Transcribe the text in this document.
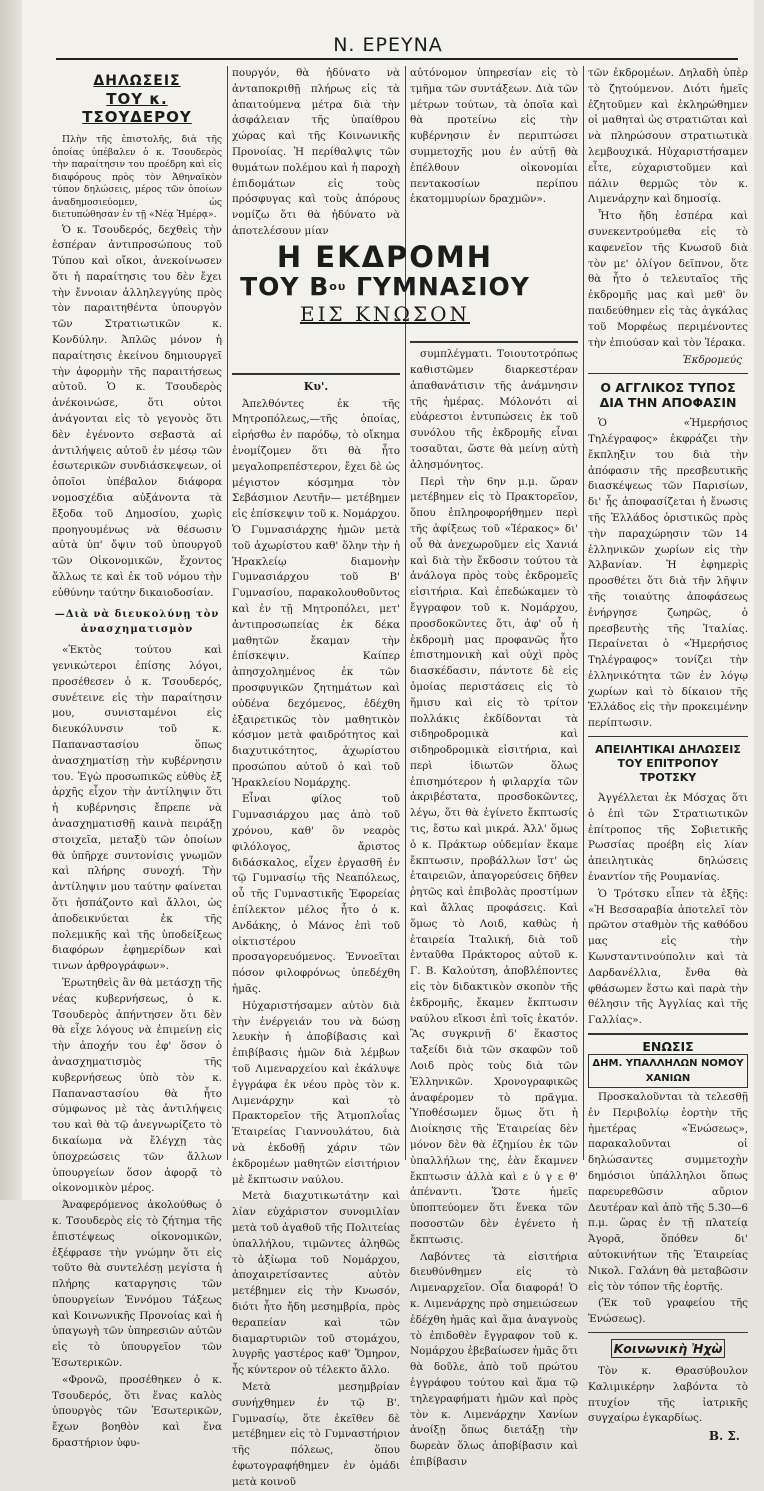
Ν. ΕΡΕΥΝΑ
ΔΗΛΩΣΕΙΣ
ΤΟΥ κ. ΤΣΟΥΔΕΡΟΥ

Πλὴν τῆς ἐπιστολῆς, διὰ τῆς ὁποίας ὑπέβαλεν ὁ κ. Τσουδερὸς τὴν παραίτησιν του προέδρη καὶ εἰς διαφόρους πρὸς τὸν Ἀθηναϊκὸν τύπον δηλώσεις, μέρος τῶν ὁποίων ἀναδημοσιεύομεν, ὡς διετυπώθησαν ἐν τῇ «Νέᾳ Ἡμέρᾳ».

Ὁ κ. Τσουδερός, δεχθεὶς τὴν ἑσπέραν ἀντιπροσώπους τοῦ Τύπου καὶ οἴκοι, ἀνεκοίνωσεν ὅτι ἡ παραίτησις του δὲν ἔχει τὴν ἔννοιαν ἀλληλεγγύης πρὸς τὸν παραιτηθέντα ὑπουργὸν τῶν Στρατιωτικῶν κ. Κονδύλην. Ἀπλῶς μόνον ἡ παραίτησις ἐκείνου δημιουργεῖ τὴν ἀφορμὴν τῆς παραιτήσεως αὐτοῦ. Ὁ κ. Τσουδερὸς ἀνέκοινώσε, ὅτι οὐτοι ἀνάγονται εἰς τὸ γεγονὸς ὅτι δὲν ἐγένοντο σεβαστὰ αἱ ἀντιλήψεις αὐτοῦ ἐν μέσῳ τῶν ἐσωτερικῶν συνδιάσκεψεων, οἱ ὁποῖοι ὑπέβαλον διάφορα νομοσχέδια αὐξάνοντα τὰ ἔξοδα τοῦ Δημοσίου, χωρὶς προηγουμένως νὰ θέσωσιν αὐτὰ ὑπ' ὄψιν τοῦ ὑπουργοῦ τῶν Οἰκονομικῶν, ἔχοντος ἅλλως τε καὶ ἐκ τοῦ νόμου τὴν εὐθύνην ταύτην δικαιοδοσίαν.

—Διὰ νὰ διευκολύνῃ τὸν ἀνασχηματισμὸν

«Ἐκτὸς τούτου καὶ γενικώτεροι ἐπίσης λόγοι, προσέθεσεν ὁ κ. Τσουδερός, συνέτεινε εἰς τὴν παραίτησιν μου, συνισταμένοι εἰς διευκόλυνσιν τοῦ κ. Παπαναστασίου ὅπως ἀνασχηματίσῃ τὴν κυβέρνησιν του. Ἐγὼ προσωπικῶς εὐθὺς ἐξ ἀρχῆς εἶχον τὴν ἀντίληψιν ὅτι ἡ κυβέρνησις ἔπρεπε νὰ ἀνασχηματισθῇ καινὰ πειράξῃ στοιχεῖα, μεταξὺ τῶν ὁποίων θὰ ὑπῆρχε συντονίσις γνωμῶν καὶ πλήρης συνοχή. Τὴν ἀντίληψιν μου ταύτην φαίνεται ὅτι ἠσπάζοντο καὶ ἄλλοι, ὡς ἀποδεικνύεται ἐκ τῆς πολεμικῆς καὶ τῆς ὑποδείξεως διαφόρων ἐφημερίδων καὶ τινων ἀρθρογράφων».

Ἐρωτηθεὶς ἂν θὰ μετάσχῃ τῆς νέας κυβερνήσεως, ὁ κ. Τσουδερὸς ἀπήντησεν ὅτι δὲν θὰ εἶχε λόγους νὰ ἐπιμείνῃ εἰς τὴν ἀποχήν του ἐφ' ὅσον ὁ ἀνασχηματισμὸς τῆς κυβερνήσεως ὑπὸ τὸν κ. Παπαναστασίου θὰ ἦτο σύμφωνος μὲ τὰς ἀντιλήψεις του καὶ θὰ τῷ ἀνεγνωρίζετο τὸ δικαίωμα νὰ ἔλέγχῃ τὰς ὑποχρεώσεις τῶν ἄλλων ὑπουργείων ὅσον ἀφορᾷ τὸ οἰκονομικὸν μέρος.

Ἀναφερόμενος ἀκολούθως ὁ κ. Τσουδερὸς εἰς τὸ ζήτημα τῆς ἐπιστέψεως οἰκονομικῶν, ἐξέφρασε τὴν γνώμην ὅτι εἰς τοῦτο θὰ συντελέσῃ μεγίστα ἡ πλήρης καταργησις τῶν ὑπουργείων Ἐννόμου Τάξεως καὶ Κοινωνικῆς Προνοίας καὶ ἡ ὑπαγωγὴ τῶν ὑπηρεσιῶν αὐτῶν εἰς τὸ ὑπουργεῖον τῶν Ἐσωτερικῶν.

«Φρονῶ, προσέθηκεν ὁ κ. Τσουδερός, ὅτι ἕνας καλὸς ὑπουργὸς τῶν Ἐσωτερικῶν, ἔχων βοηθὸν καὶ ἕνα δραστήριον ὑφυ-

πουργόν, θὰ ἠδύνατο νὰ ἀνταποκριθῇ πλήρως εἰς τὰ ἀπαιτούμενα μέτρα διὰ τὴν ἀσφάλειαν τῆς ὑπαίθρου χώρας καὶ τῆς Κοινωνικῆς Προνοίας. Ἡ περίθαλψις τῶν θυμάτων πολέμου καὶ ἡ παροχὴ ἐπιδομάτων εἰς τοὺς πρόσφυγας καὶ τοὺς ἀπόρους νομίζω ὅτι θὰ ἠδύνατο νὰ ἀποτελέσουν μίαν

Κυ'.

Ἀπελθόντες ἐκ τῆς Μητροπόλεως,—τῆς ὁποίας, εἰρήσθω ἐν παρόδῳ, τὸ οἴκημα ἐνομίζομεν ὅτι θὰ ἦτο μεγαλοπρεπέστερον, ἔχει δὲ ὡς μέγιστον κόσμημα τὸν Σεβάσμιον Λευτῆν— μετέβημεν εἰς ἐπίσκεψιν τοῦ κ. Νομάρχου. Ὁ Γυμνασιάρχης ἡμῶν μετὰ τοῦ ἀχωρίστου καθ' ὅλην τὴν ἡ Ἡρακλείῳ διαμονὴν Γυμνασιάρχου τοῦ Β' Γυμνασίου, παρακολουθοῦντος καὶ ἐν τῇ Μητροπόλει, μετ' ἀντιπροσωπείας ἐκ δέκα μαθητῶν ἔκαμαν τὴν ἐπίσκεψιν. Καίπερ ἀπησχολημένος ἐκ τῶν προσφυγικῶν ζητημάτων καὶ οὐδένα δεχόμενος, ἐδέχθη ἐξαιρετικῶς τὸν μαθητικὸν κόσμον μετὰ φαιδρότητος καὶ διαχυτικότητος, ἀχωρίστου προσώπου αὐτοῦ ὁ καὶ τοῦ Ἡρακλείου Νομάρχης.

Εἶναι φίλος τοῦ Γυμνασιάρχου μας ἀπὸ τοῦ χρόνου, καθ' ὃν νεαρὸς φιλόλογος, ἄριστος διδάσκαλος, εἶχεν ἐργασθῆ ἐν τῷ Γυμνασίῳ τῆς Νεαπόλεως, οὗ τῆς Γυμναστικῆς Ἐφορείας ἐπίλεκτον μέλος ἦτο ὁ κ. Ανδάκης, ὁ Μάνος ἐπὶ τοῦ οἰκτιστέρου προσαγορευόμενος. Ἐννοεῖται πόσον φιλοφρόνως ὑπεδέχθη ἡμᾶς.

Ηὐχαριστήσαμεν αὐτὸν διὰ τὴν ἐνέργειάν του νὰ δώσῃ λευκὴν ἡ ἀποβίβασις καὶ ἐπιβίβασις ἡμῶν διὰ λέμβων τοῦ Λιμεναρχείου καὶ ἐκάλυψε ἐγγράφα ἐκ νέου πρὸς τὸν κ. Λιμενάρχην καὶ τὸ Πρακτορεῖον τῆς Ἀτμοπλοΐας Ἑταιρείας Γιαννουλάτου, διὰ νὰ ἐκδοθῇ χάριν τῶν ἐκδρομέων μαθητῶν εἰσιτήριον μὲ ἔκπτωσιν ναύλου.

Μετὰ διαχυτικωτάτην καὶ λίαν εὐχάριστον συνομιλίαν μετὰ τοῦ ἀγαθοῦ τῆς Πολιτείας ὑπαλλήλου, τιμῶντες ἀληθῶς τὸ ἀξίωμα τοῦ Νομάρχου, ἀποχαιρετίσαντες αὐτὸν μετέβημεν εἰς τὴν Κνωσόν, διότι ἦτο ἤδη μεσημβρία, πρὸς θεραπείαν καὶ τῶν διαμαρτυριῶν τοῦ στομάχου, λυγρῆς γαστέρος καθ' Ὅμηρον, ἧς κύντερον οὐ τέλεκτο ἄλλο.

Μετὰ μεσημβρίαν συνήχθημεν ἐν τῷ Β'. Γυμνασίῳ, ὅτε ἐκεῖθεν δὲ μετέβημεν εἰς τὸ Γυμναστήριον τῆς πόλεως, ὅπου ἐφωτογραφήθημεν ἐν ὁμάδι μετὰ κοινοῦ

αὐτόνομον ὑπηρεσίαν εἰς τὸ τμῆμα τῶν συντάξεων. Διὰ τῶν μέτρων τούτων, τὰ ὁποῖα καὶ θὰ προτείνω εἰς τὴν κυβέρνησιν ἐν περιπτώσει συμμετοχῆς μου ἐν αὐτῇ θὰ ἐπέλθουν οἰκονομίαι πεντακοσίων περίπου ἑκατομμυρίων δραχμῶν».

συμπλέγματι. Τοιουτοτρόπως καθιστῶμεν διαρκεστέραν ἀπαθανάτισιν τῆς ἀνάμνησιν τῆς ἡμέρας. Μόλονότι αἱ εὐάρεστοι ἐντυπώσεις ἐκ τοῦ συνόλου τῆς ἐκδρομῆς εἶναι τοσαῦται, ὥστε θὰ μείνῃ αὐτὴ ἀλησμόνητος.

Περὶ τὴν 6ην μ.μ. ὥραν μετέβημεν εἰς τὸ Πρακτορεῖον, ὅπου ἐπληροφορήθημεν περὶ τῆς ἀφίξεως τοῦ «Ἱέρακος» δι' οὗ θὰ ἀνεχωροῦμεν εἰς Χανιά καὶ διὰ τὴν ἔκδοσιν τούτου τὰ ἀνάλογα πρὸς τοὺς ἐκδρομεῖς εἰσιτήρια. Καὶ ἐπεδώκαμεν τὸ ἔγγραφον τοῦ κ. Νομάρχου, προσδοκῶντες ὅτι, ἀφ' οὗ ἡ ἐκδρομὴ μας προφανῶς ἦτο ἐπιστημονικὴ καὶ οὐχὶ πρὸς διασκέδασιν, πάντοτε δὲ εἰς ὁμοίας περιστάσεις εἰς τὸ ἥμισυ καὶ εἰς τὸ τρίτον πολλάκις ἐκδίδονται τὰ σιδηροδρομικὰ καὶ σιδηροδρομικὰ εἰσιτήρια, καὶ περὶ ἰδιωτῶν ὅλως ἐπισημότερον ἡ φιλαρχία τῶν ἀκριβέστατα, προσδοκῶντες, λέγω, ὅτι θὰ ἐγίνετο ἔκπτωσίς τις, ἔστω καὶ μικρά. Ἀλλ' ὅμως ὁ κ. Πράκτωρ οὐδεμίαν ἔκαμε ἔκπτωσιν, προβάλλων ἴστ' ὡς ἐταιρειῶν, ἀπαγορεύσεις δῆθεν ῥητῶς καὶ ἐπιβολὰς προστίμων καὶ ἄλλας προφάσεις. Καὶ ὅμως τὸ Λοιδ, καθὼς ἡ ἐταιρεία Ἰταλική, διὰ τοῦ ἐνταῦθα Πράκτορος αὐτοῦ κ. Γ. Β. Καλούτση, ἀποβλέποντες εἰς τὸν διδακτικὸν σκοπὸν τῆς ἐκδρομῆς, ἔκαμεν ἔκπτωσιν ναύλου εἴκοσι ἐπὶ τοῖς ἑκατόν. Ἂς συγκρινῇ δ' ἕκαστος ταξείδι διὰ τῶν σκαφῶν τοῦ Λοιδ πρὸς τοὺς διὰ τῶν Ἑλληνικῶν. Χρονογραφικῶς ἀναφέρομεν τὸ πρᾶγμα. Ὑποθέσωμεν ὅμως ὅτι ἡ Διοίκησις τῆς Ἑταιρείας δὲν μόνον δὲν θὰ ἐζημίου ἐκ τῶν ὑπαλλήλων της, ἐὰν ἔκαμνεν ἔκπτωσιν ἀλλὰ καὶ ε ὐ γ ε θ' ἀπέναντι. Ὥστε ἡμεῖς ὑποπτεύομεν ὅτι ἕνεκα τῶν ποσοστῶν δὲν ἐγένετο ἡ ἔκπτωσις.

Λαβόντες τὰ εἰσιτήρια διευθύνθημεν εἰς τὸ Λιμεναρχεῖον. Οἷα διαφορά! Ὁ κ. Λιμενάρχης πρὸ σημειώσεων ἐδέχθη ἡμᾶς καὶ ἅμα ἀναγνοὺς τὸ ἐπιδοθὲν ἔγγραφον τοῦ κ. Νομάρχου ἐβεβαίωσεν ἡμᾶς ὅτι θὰ δοῦλε, ἀπὸ τοῦ πρώτου ἐγγράφου τούτου καὶ ἅμα τῷ τηλεγραφήματι ἡμῶν καὶ πρὸς τὸν κ. Λιμενάρχην Χανίων ἀνοίξῃ ὅπως διετάξῃ τὴν δωρεὰν ὅλως ἀποβίβασιν καὶ ἐπιβίβασιν

Η ΕΚΔΡΟΜΗ
ΤΟΥ $B^{o\upsilon}$ ΓΥΜΝΑΣΙΟΥ
ΕΙΣ ΚΝΩΣΟΝ

τῶν ἐκδρομέων. Δηλαδὴ ὑπὲρ τὸ ζητούμενον. Διότι ἡμεῖς ἐζητοῦμεν καὶ ἐκληρώθημεν οἱ μαθηταὶ ὡς στρατιῶται καὶ νὰ πληρώσουν στρατιωτικὰ λεμβουχικά. Ηὐχαριστήσαμεν εἶτε, εὐχαριστοῦμεν καὶ πάλιν θερμῶς τὸν κ. Λιμενάρχην καὶ δημοσίᾳ.

Ἦτο ἤδη ἑσπέρα καὶ συνεκεντρούμεθα εἰς τὸ καφενεῖον τῆς Κνωσοῦ διὰ τὸν με' ὀλίγον δεῖπνον, ὅτε θὰ ἦτο ὁ τελευταῖος τῆς ἐκδρομῆς μας καὶ μεθ' ὃν παιδεύθημεν εἰς τὰς ἀγκάλας τοῦ Μορφέως περιμένοντες τὴν ἐπιούσαν καὶ τὸν Ἱέρακα.

Ἐκδρομεύς
Ο ΑΓΓΛΙΚΟΣ ΤΥΠΟΣ
ΔΙΑ ΤΗΝ ΑΠΟΦΑΣΙΝ

Ὁ «Ἡμερήσιος Τηλέγραφος» ἐκφράζει τὴν ἔκπληξιν του διὰ τὴν ἀπόφασιν τῆς πρεσβευτικῆς διασκέψεως τῶν Παρισίων, δι' ἧς ἀποφασίζεται ἡ ἔνωσις τῆς Ἑλλάδος ὁριστικῶς πρὸς τὴν παραχώρησιν τῶν 14 ἑλληνικῶν χωρίων εἰς τὴν Ἀλβανίαν. Ἡ ἐφημερὶς προσθέτει ὅτι διὰ τῆν λῆψιν τῆς τοιαύτης ἀποφάσεως ἐνήργησε ζωηρῶς, ὁ πρεσβευτὴς τῆς Ἰταλίας. Περαίνεται ὁ «Ἡμερήσιος Τηλέγραφος» τονίζει τὴν ἐλληνικότητα τῶν ἐν λόγῳ χωρίων καὶ τὸ δίκαιον τῆς Ἑλλάδος εἰς τὴν προκειμένην περίπτωσιν.

ΑΠΕΙΛΗΤΙΚΑΙ ΔΗΛΩΣΕΙΣ
ΤΟΥ ΕΠΙΤΡΟΠΟΥ ΤΡΟΤΣΚΥ

Ἀγγέλλεται ἐκ Μόσχας ὅτι ὁ ἐπὶ τῶν Στρατιωτικῶν ἐπίτροπος τῆς Σοβιετικῆς Ρωσσίας προέβη εἰς λίαν ἀπειλητικὰς δηλώσεις ἐναντίον τῆς Ρουμανίας.

Ὁ Τρότσκυ εἶπεν τὰ ἑξῆς: «Ἡ Βεσσαραβία ἀποτελεῖ τὸν πρῶτον σταθμὸν τῆς καθόδου μας εἰς τὴν Κωνσταντινούπολιν καὶ τὰ Δαρδανέλλια, ἔνθα θὰ φθάσωμεν ἔστω καὶ παρὰ τὴν θέλησιν τῆς Ἀγγλίας καὶ τῆς Γαλλίας».

ΕΝΩΣΙΣ
ΔΗΜ. ΥΠΑΛΛΗΛΩΝ ΝΟΜΟΥ ΧΑΝΙΩΝ

Προσκαλοῦνται τὰ τελεσθῇ ἐν Περιβολίῳ ἑορτὴν τῆς ἡμετέρας «Ἑνώσεως», παρακαλοῦνται οἱ δηλώσαντες συμμετοχὴν δημόσιοι ὑπάλληλοι ὅπως παρευρεθῶσιν αὔριον Δευτέραν καὶ ἀπὸ τῆς 5.30—6 π.μ. ὥρας ἐν τῇ πλατείᾳ Ἀγορᾶ, ὅπόθεν δι' αὐτοκινήτων τῆς Ἑταιρείας Νικολ. Γαλάνη θὰ μεταβῶσιν εἰς τὸν τόπον τῆς ἑορτῆς.

(Ἐκ τοῦ γραφείου τῆς Ἑνώσεως).

Κοινωνικὴ Ἠχὼ

Τὸν κ. Θρασύβουλον Καλιμικέρην λαβόντα τὸ πτυχίον τῆς ἰατρικῆς συγχαίρω ἐγκαρδίως.

Β. Σ.
